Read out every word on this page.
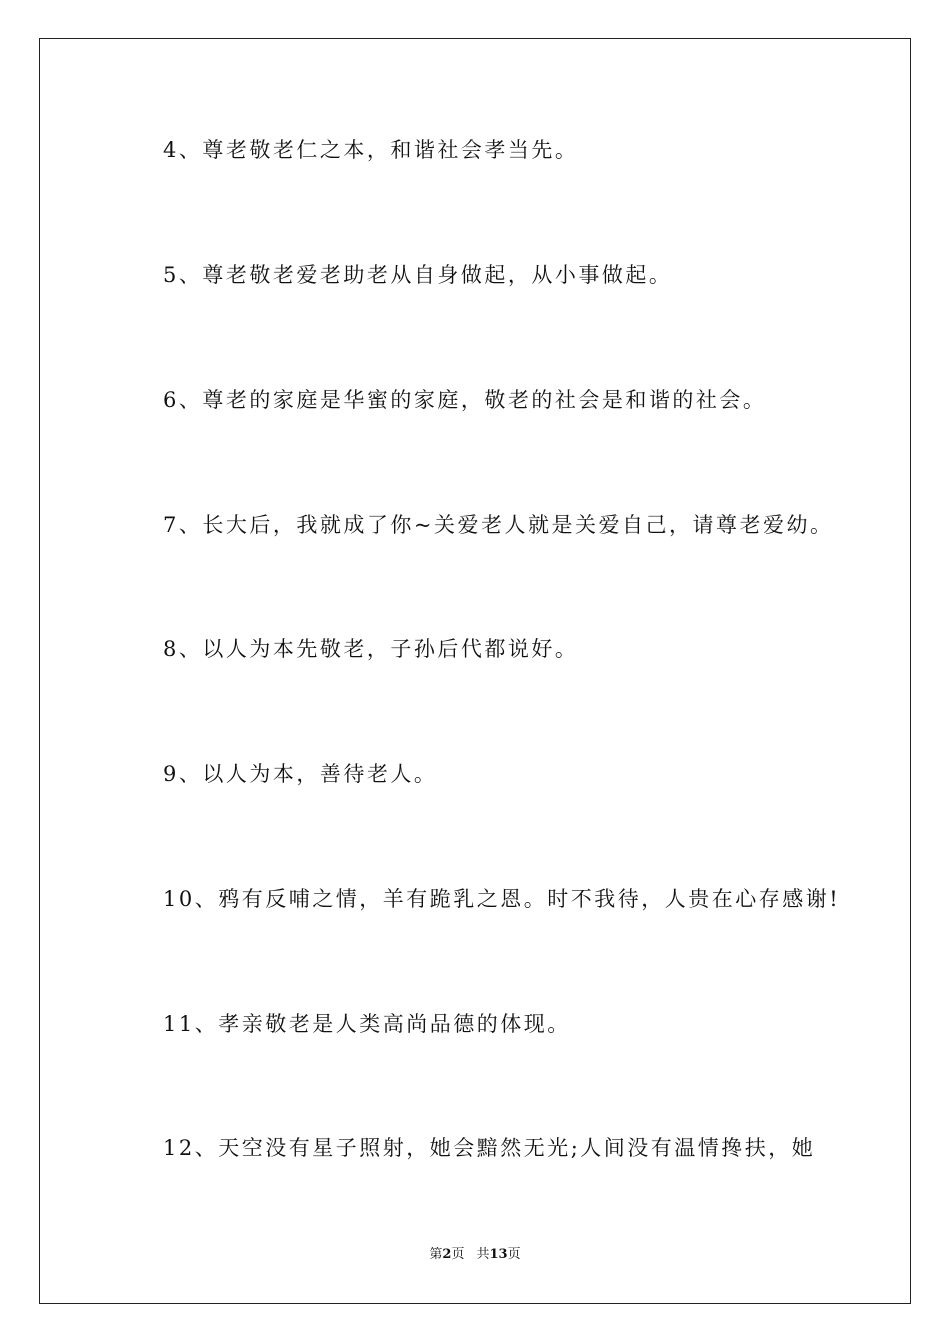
4、尊老敬老仁之本，和谐社会孝当先。
5、尊老敬老爱老助老从自身做起，从小事做起。
6、尊老的家庭是华蜜的家庭，敬老的社会是和谐的社会。
7、长大后，我就成了你~关爱老人就是关爱自己，请尊老爱幼。
8、以人为本先敬老，子孙后代都说好。
9、以人为本，善待老人。
10、鸦有反哺之情，羊有跪乳之恩。时不我待，人贵在心存感谢!
11、孝亲敬老是人类高尚品德的体现。
12、天空没有星子照射，她会黯然无光;人间没有温情搀扶，她
第2页 共13页
